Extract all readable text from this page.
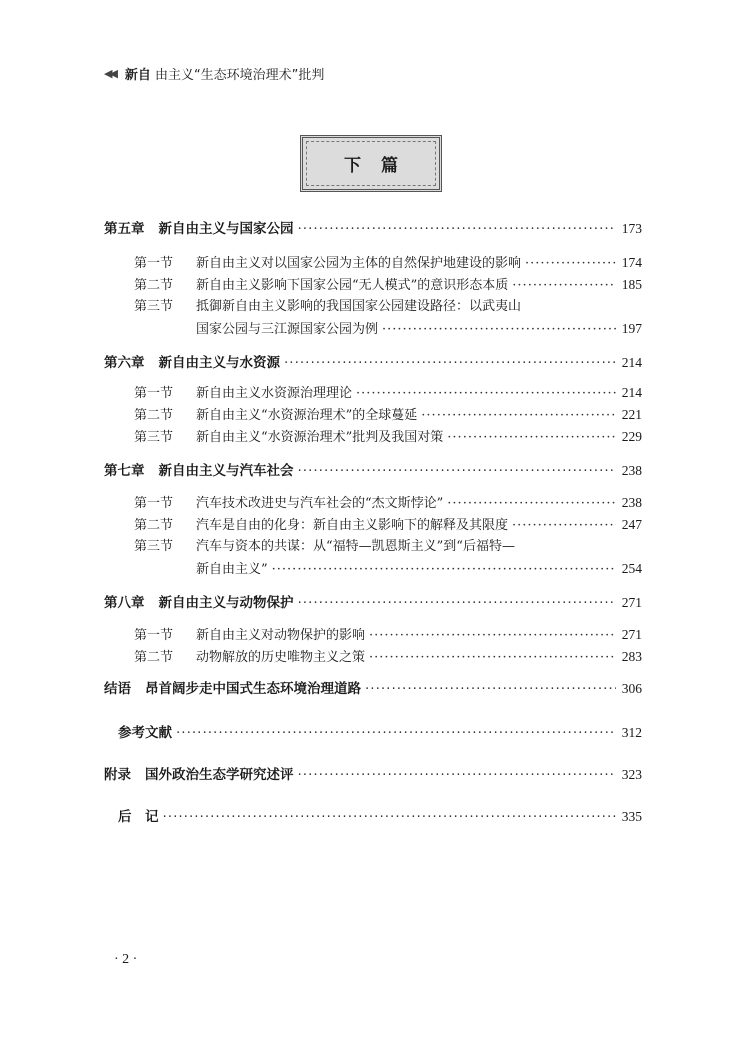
◀◀ 新自 由主义“生态环境治理术”批判
下篇
第五章 新自由主义与国家公园 ·····	173
第一节	新自由主义对以国家公园为主体的自然保护地建设的影响 ·····	174
第二节	新自由主义影响下国家公园“无人模式”的意识形态本质 ·····	185
第三节	抵御新自由主义影响的我国国家公园建设路径：以武夷山
国家公园与三江源国家公园为例 ·····	197
第六章 新自由主义与水资源 ·····	214
第一节	新自由主义水资源治理理论 ·····	214
第二节	新自由主义“水资源治理术”的全球蔓延 ·····	221
第三节	新自由主义“水资源治理术”批判及我国对策 ·····	229
第七章 新自由主义与汽车社会 ·····	238
第一节	汽车技术改进史与汽车社会的“杰文斯悖论” ·····	238
第二节	汽车是自由的化身：新自由主义影响下的解释及其限度 ·····	247
第三节	汽车与资本的共谋：从“福特—凯恩斯主义”到“后福特—
新自由主义” ·····	254
第八章 新自由主义与动物保护 ·····	271
第一节	新自由主义对动物保护的影响 ·····	271
第二节	动物解放的历史唯物主义之策 ·····	283
结语 昂首阔步走中国式生态环境治理道路 ·····	306
参考文献 ·····	312
附录 国外政治生态学研究述评 ·····	323
后　记 ·····	335
· 2 ·
